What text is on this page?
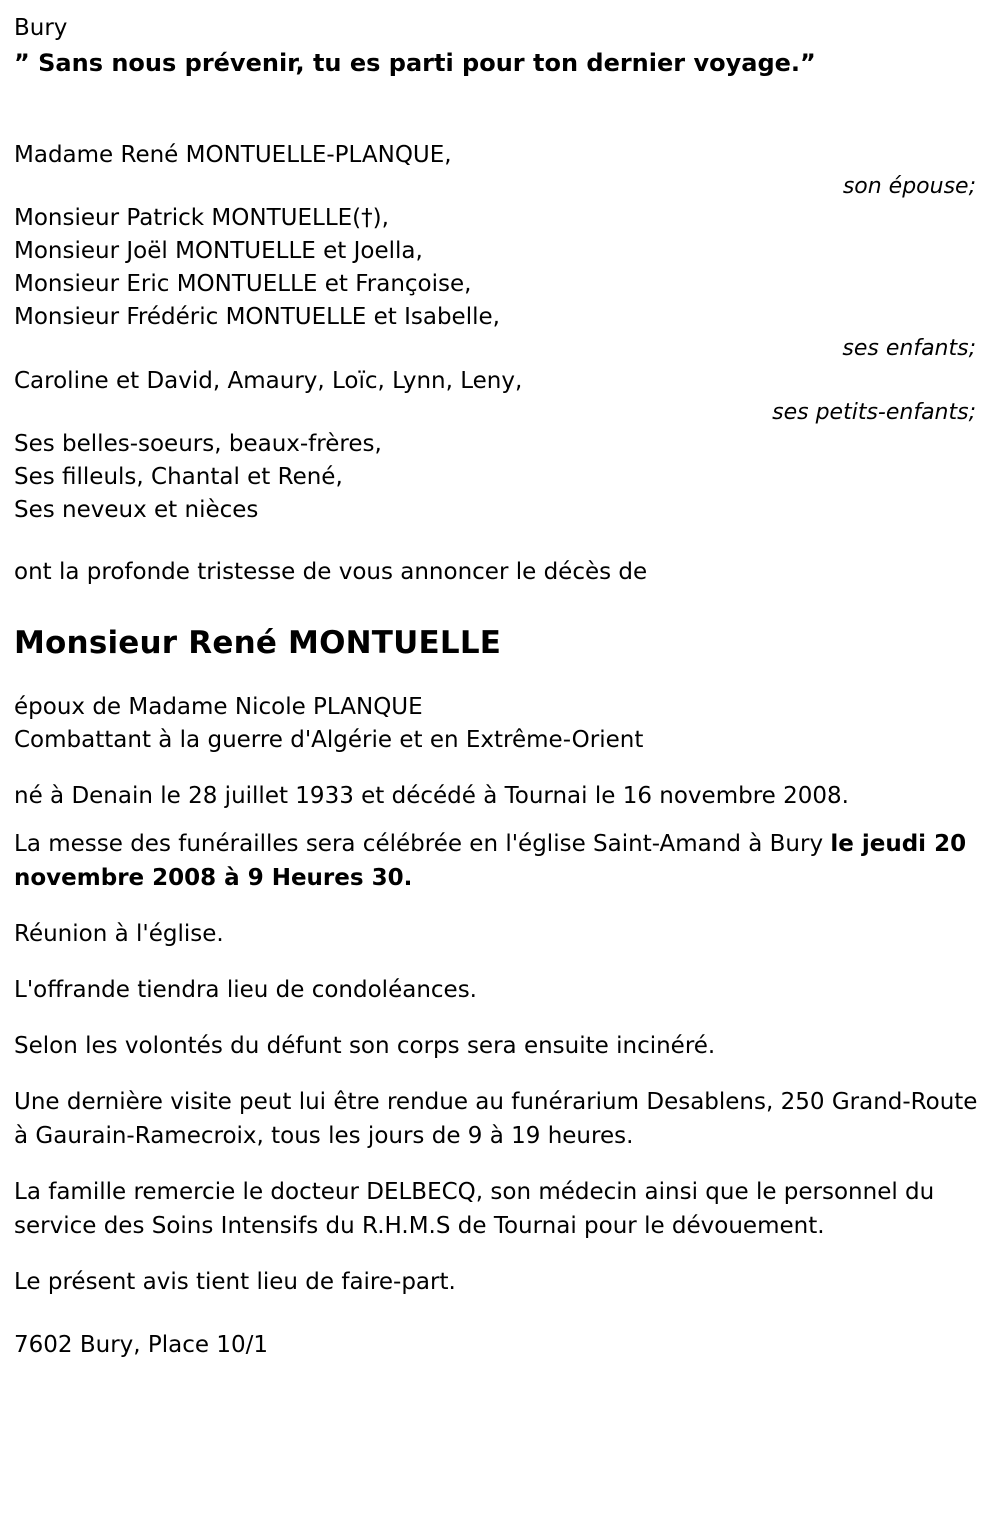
Bury
” Sans nous prévenir, tu es parti pour ton dernier voyage.”
Madame René MONTUELLE-PLANQUE,
son épouse;
Monsieur Patrick MONTUELLE(†),
Monsieur Joël MONTUELLE et Joella,
Monsieur Eric MONTUELLE et Françoise,
Monsieur Frédéric MONTUELLE et Isabelle,
ses enfants;
Caroline et David, Amaury, Loïc, Lynn, Leny,
ses petits-enfants;
Ses belles-soeurs, beaux-frères,
Ses filleuls, Chantal et René,
Ses neveux et nièces
ont la profonde tristesse de vous annoncer le décès de
Monsieur René MONTUELLE
époux de Madame Nicole PLANQUE
Combattant à la guerre d'Algérie et en Extrême-Orient
né à Denain le 28 juillet 1933 et décédé à Tournai le 16 novembre 2008.
La messe des funérailles sera célébrée en l'église Saint-Amand à Bury le jeudi 20 novembre 2008 à 9 Heures 30.
Réunion à l'église.
L'offrande tiendra lieu de condoléances.
Selon les volontés du défunt son corps sera ensuite incinéré.
Une dernière visite peut lui être rendue au funérarium Desablens, 250 Grand-Route à Gaurain-Ramecroix, tous les jours de 9 à 19 heures.
La famille remercie le docteur DELBECQ, son médecin ainsi que le personnel du service des Soins Intensifs du R.H.M.S de Tournai pour le dévouement.
Le présent avis tient lieu de faire-part.
7602 Bury, Place 10/1
